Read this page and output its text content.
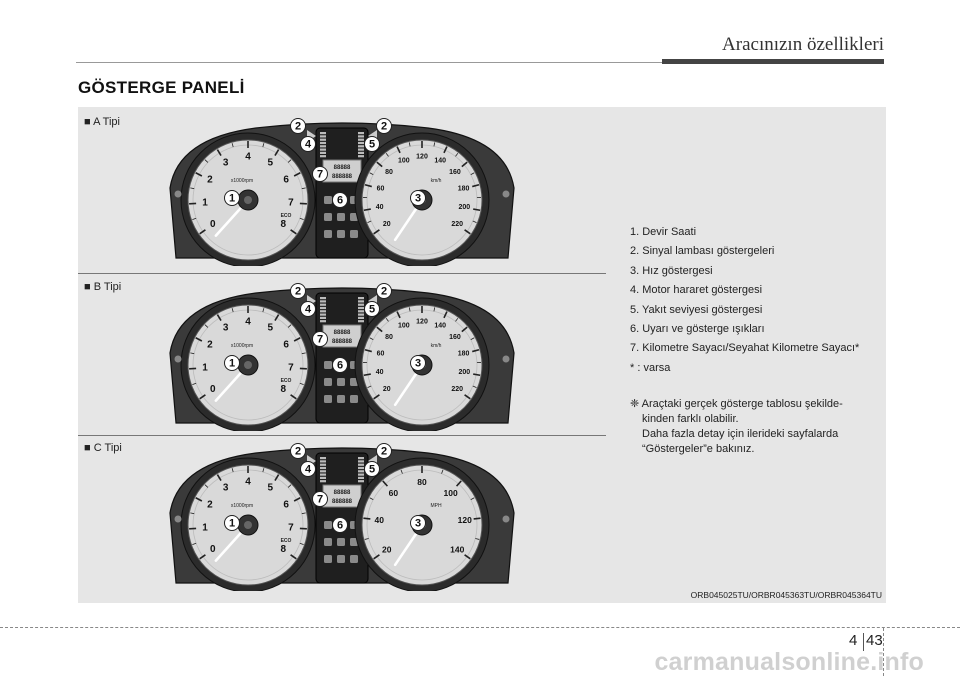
Aracınızın özellikleri
GÖSTERGE PANELİ
■ A Tipi
■ B Tipi
■ C Tipi
88888
888888
0
1
2
3
4
5
6
7
8
x1000rpm
ECO
20
40
60
80
100
120
140
160
180
200
220
km/h
2	2
1	3
4	5
6
7
88888
888888
0
1
2
3
4
5
6
7
8
x1000rpm
ECO
20
40
60
80
100
120
140
160
180
200
220
km/h
2	2
1	3
4	5
6
7
88888
888888
0
1
2
3
4
5
6
7
8
x1000rpm
ECO
20
40
60
80
100
120
140
MPH
2	2
1	3
4	5
6
7
1. Devir Saati
2. Sinyal lambası göstergeleri
3. Hız göstergesi
4. Motor hararet göstergesi
5. Yakıt seviyesi göstergesi
6. Uyarı ve gösterge ışıkları
7. Kilometre Sayacı/Seyahat Kilometre Sayacı*
* : varsa
❈ Araçtaki gerçek gösterge tablosu şekilde-
kinden farklı olabilir.
Daha fazla detay için ilerideki sayfalarda
“Göstergeler”e bakınız.
ORB045025TU/ORBR045363TU/ORBR045364TU
4 43
carmanualsonline.info
